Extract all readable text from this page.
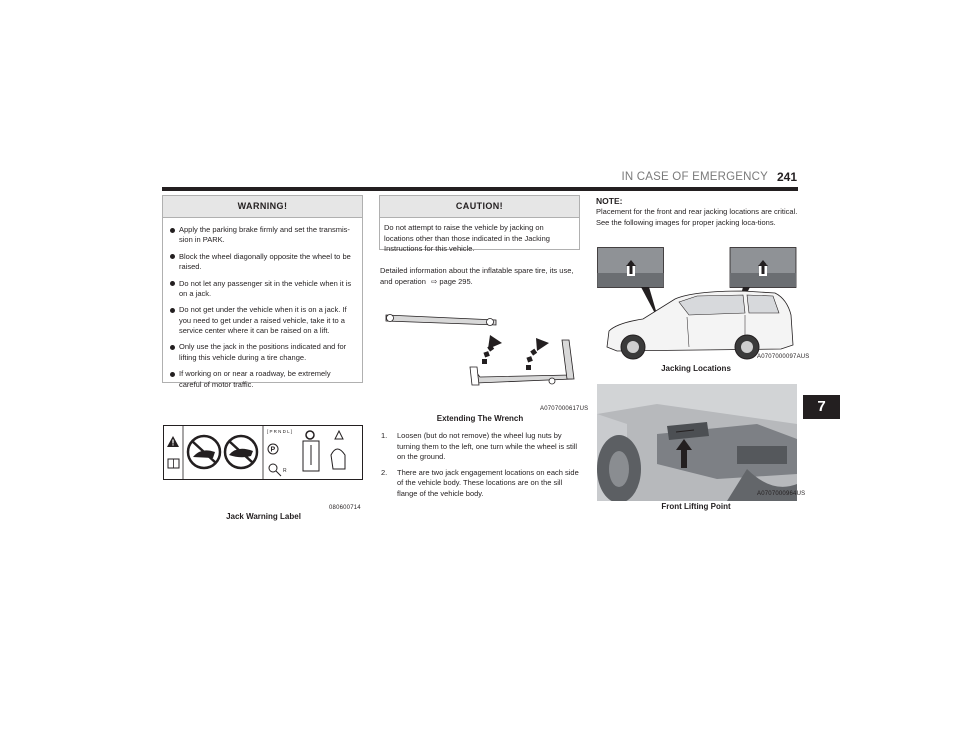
IN CASE OF EMERGENCY 241
7
WARNING!
Apply the parking brake firmly and set the transmis-sion in PARK.
Block the wheel diagonally opposite the wheel to be raised.
Do not let any passenger sit in the vehicle when it is on a jack.
Do not get under the vehicle when it is on a jack. If you need to get under a raised vehicle, take it to a service center where it can be raised on a lift.
Only use the jack in the positions indicated and for lifting this vehicle during a tire change.
If working on or near a roadway, be extremely careful of motor traffic.
[ P R N D L ]
P
R
080600714
Jack Warning Label
CAUTION!
Do not attempt to raise the vehicle by jacking on locations other than those indicated in the Jacking Instructions for this vehicle.
Detailed information about the inflatable spare tire, its use, and operation ⇨ page 295.
A0707000617US
Extending The Wrench
1. Loosen (but do not remove) the wheel lug nuts by turning them to the left, one turn while the wheel is still on the ground.
2. There are two jack engagement locations on each side of the vehicle body. These locations are on the sill flange of the vehicle body.
NOTE:
Placement for the front and rear jacking locations are critical. See the following images for proper jacking loca-tions.
A0707000097AUS
Jacking Locations
A0707000964US
Front Lifting Point
